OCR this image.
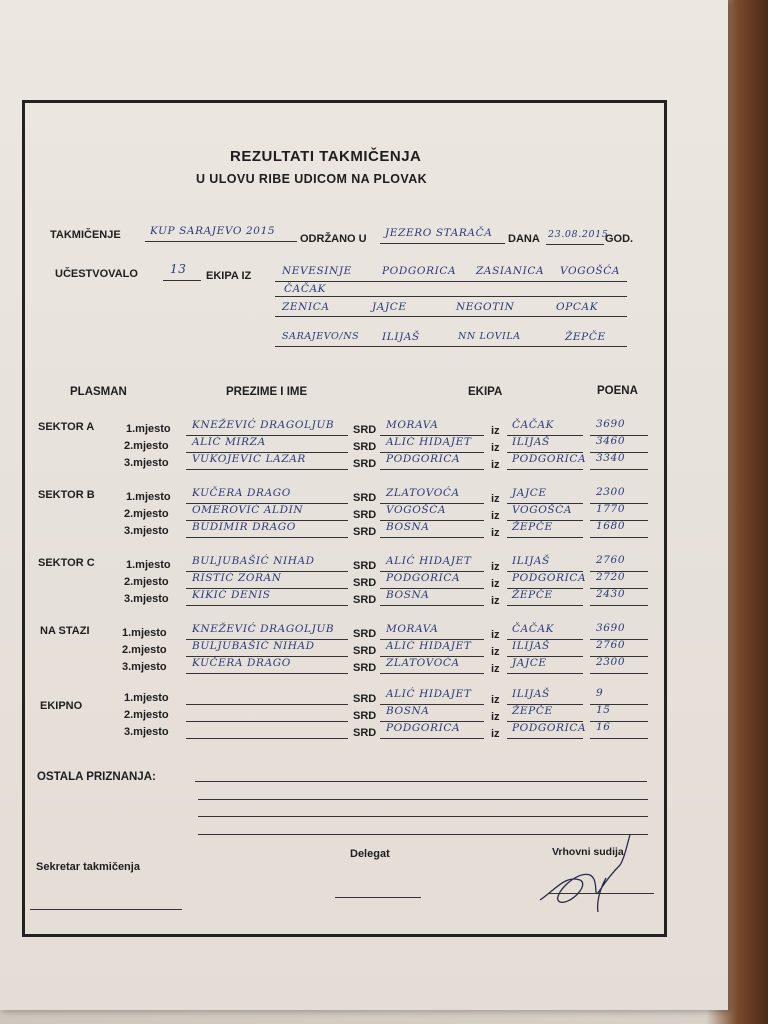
REZULTATI TAKMIČENJA
U ULOVU RIBE UDICOM NA PLOVAK
TAKMIČENJE	KUP SARAJEVO 2015
ODRŽANO U JEZERO STARAČA DANA 23.08.2015
GOD.
UČESTVOVALO	13 EKIPA IZ	NEVESINJE	PODGORICA ZASIANICA VOGOŠĆA
ČAČAK
ZENICA	JAJCE	NEGOTIN	OPCAK
SARAJEVO/NS ILIJAŠ	NN LOVILA	ŽEPČE
PLASMAN	PREZIME I IME	EKIPA	POENA
SEKTOR A	1.mjesto KNEŽEVIĆ DRAGOLJUB SRD MORAVA	iz ČAČAK	3690
2.mjesto ALIĆ MIRZA	SRD ALIĆ HIDAJET iz ILIJAŠ	3460
3.mjesto VUKOJEVIĆ LAZAR	SRD PODGORICA	iz PODGORICA 3340
SEKTOR B	1.mjesto KUČERA DRAGO	SRD ZLATOVOĆA	iz JAJCE	2300
2.mjesto OMEROVIĆ ALDIN	SRD VOGOŠĆA	iz VOGOŠĆA 1770
3.mjesto BUDIMIR DRAGO	SRD BOSNA	iz ŽEPČE	1680
SEKTOR C	1.mjesto BULJUBAŠIĆ NIHAD	SRD ALIĆ HIDAJET iz ILIJAŠ	2760
2.mjesto RISTIĆ ZORAN	SRD PODGORICA	iz PODGORICA 2720
3.mjesto KIKIĆ DENIS	SRD BOSNA	iz ŽEPČE	2430
NA STAZI	1.mjesto KNEŽEVIĆ DRAGOLJUB SRD MORAVA	iz ČAČAK	3690
2.mjesto BULJUBAŠIĆ NIHAD	SRD ALIĆ HIDAJET iz ILIJAŠ	2760
3.mjesto KUČERA DRAGO	SRD ZLATOVOĆA	iz JAJCE	2300
EKIPNO
1.mjesto	SRD ALIĆ HIDAJET iz ILIJAŠ	9
2.mjesto	SRD BOSNA	iz ŽEPČE	15
3.mjesto	SRD PODGORICA	iz PODGORICA 16
OSTALA PRIZNANJA:
Sekretar takmičenja
Delegat	Vrhovni sudija
